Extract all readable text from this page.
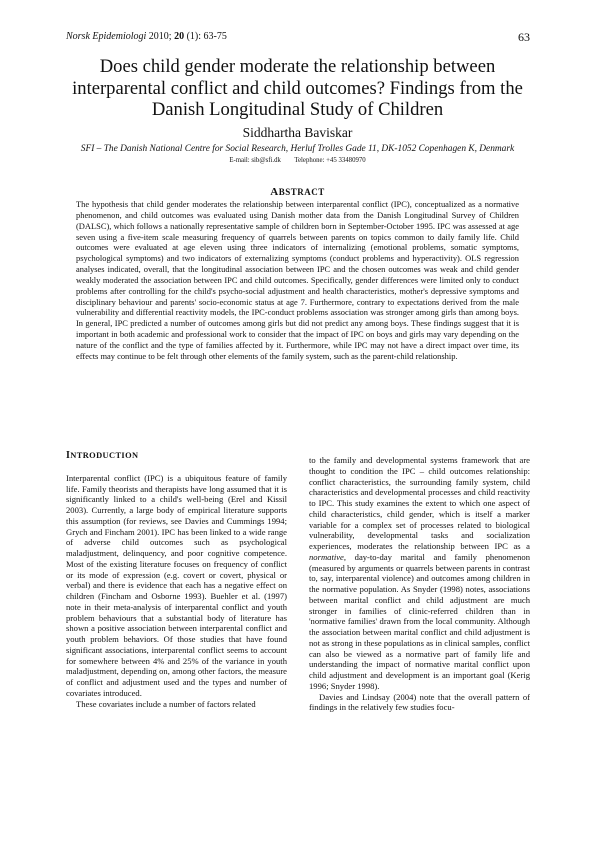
Norsk Epidemiologi 2010; 20 (1): 63-75	63
Does child gender moderate the relationship between interparental conflict and child outcomes? Findings from the Danish Longitudinal Study of Children
Siddhartha Baviskar
SFI – The Danish National Centre for Social Research, Herluf Trolles Gade 11, DK-1052 Copenhagen K, Denmark
E-mail: sib@sfi.dk        Telephone: +45 33480970
ABSTRACT

The hypothesis that child gender moderates the relationship between interparental conflict (IPC), conceptualized as a normative phenomenon, and child outcomes was evaluated using Danish mother data from the Danish Longitudinal Survey of Children (DALSC), which follows a nationally representative sample of children born in September-October 1995. IPC was assessed at age seven using a five-item scale measuring frequency of quarrels between parents on topics common to daily family life. Child outcomes were evaluated at age eleven using three indicators of internalizing (emotional problems, somatic symptoms, psychological symptoms) and two indicators of externalizing symptoms (conduct problems and hyperactivity). OLS regression analyses indicated, overall, that the longitudinal association between IPC and the chosen outcomes was weak and child gender weakly moderated the association between IPC and child outcomes. Specifically, gender differences were limited only to conduct problems after controlling for the child's psycho-social adjustment and health characteristics, mother's depressive symptoms and disciplinary behaviour and parents' socio-economic status at age 7. Furthermore, contrary to expectations derived from the male vulnerability and differential reactivity models, the IPC-conduct problems association was stronger among girls than among boys. In general, IPC predicted a number of outcomes among girls but did not predict any among boys. These findings suggest that it is important in both academic and professional work to consider that the impact of IPC on boys and girls may vary depending on the nature of the conflict and the type of families affected by it. Furthermore, while IPC may not have a direct impact over time, its effects may continue to be felt through other elements of the family system, such as the parent-child relationship.

INTRODUCTION

Interparental conflict (IPC) is a ubiquitous feature of family life. Family theorists and therapists have long assumed that it is significantly linked to a child's well-being (Erel and Kissil 2003). Currently, a large body of empirical literature supports this assumption (for reviews, see Davies and Cummings 1994; Grych and Fincham 2001). IPC has been linked to a wide range of adverse child outcomes such as psychological maladjustment, delinquency, and poor cognitive competence. Most of the existing literature focuses on frequency of conflict or its mode of expression (e.g. covert or covert, physical or verbal) and there is evidence that each has a negative effect on children (Fincham and Osborne 1993). Buehler et al. (1997) note in their meta-analysis of interparental conflict and youth problem behaviours that a substantial body of literature has shown a positive association between interparental conflict and youth problem behaviors. Of those studies that have found significant associations, interparental conflict seems to account for somewhere between 4% and 25% of the variance in youth maladjustment, depending on, among other factors, the measure of conflict and adjustment used and the types and number of covariates introduced.

These covariates include a number of factors related

to the family and developmental systems framework that are thought to condition the IPC – child outcomes relationship: conflict characteristics, the surrounding family system, child characteristics and developmental processes and child reactivity to IPC. This study examines the extent to which one aspect of child characteristics, child gender, which is itself a marker variable for a complex set of processes related to biological vulnerability, developmental tasks and socialization experiences, moderates the relationship between IPC as a normative, day-to-day marital and family phenomenon (measured by arguments or quarrels between parents in contrast to, say, interparental violence) and outcomes among children in the normative population. As Snyder (1998) notes, associations between marital conflict and child adjustment are much stronger in families of clinic-referred children than in 'normative families' drawn from the local community. Although the association between marital conflict and child adjustment is not as strong in these populations as in clinical samples, conflict can also be viewed as a normative part of family life and understanding the impact of normative marital conflict upon child adjustment and development is an important goal (Kerig 1996; Snyder 1998).

Davies and Lindsay (2004) note that the overall pattern of findings in the relatively few studies focu-
